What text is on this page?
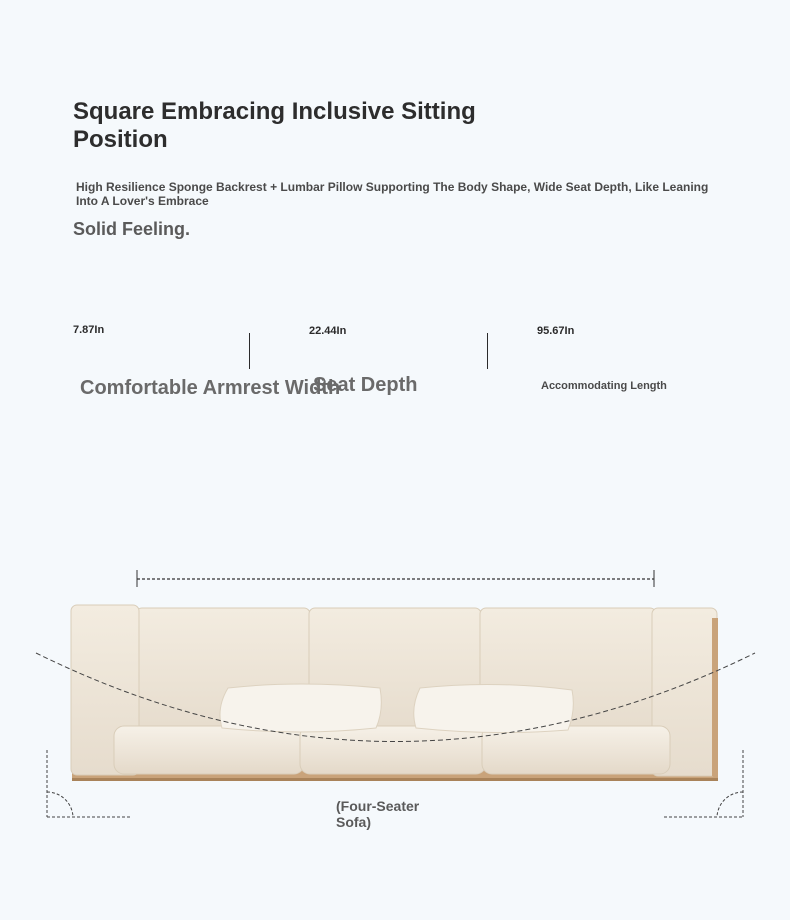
Square Embracing Inclusive Sitting Position
High Resilience Sponge Backrest + Lumbar Pillow Supporting The Body Shape, Wide Seat Depth, Like Leaning Into A Lover's Embrace
Solid Feeling.
7.87In	22.44In	95.67In
Comfortable Armrest Width
Seat Depth	Accommodating Length
(Four-Seater Sofa)
